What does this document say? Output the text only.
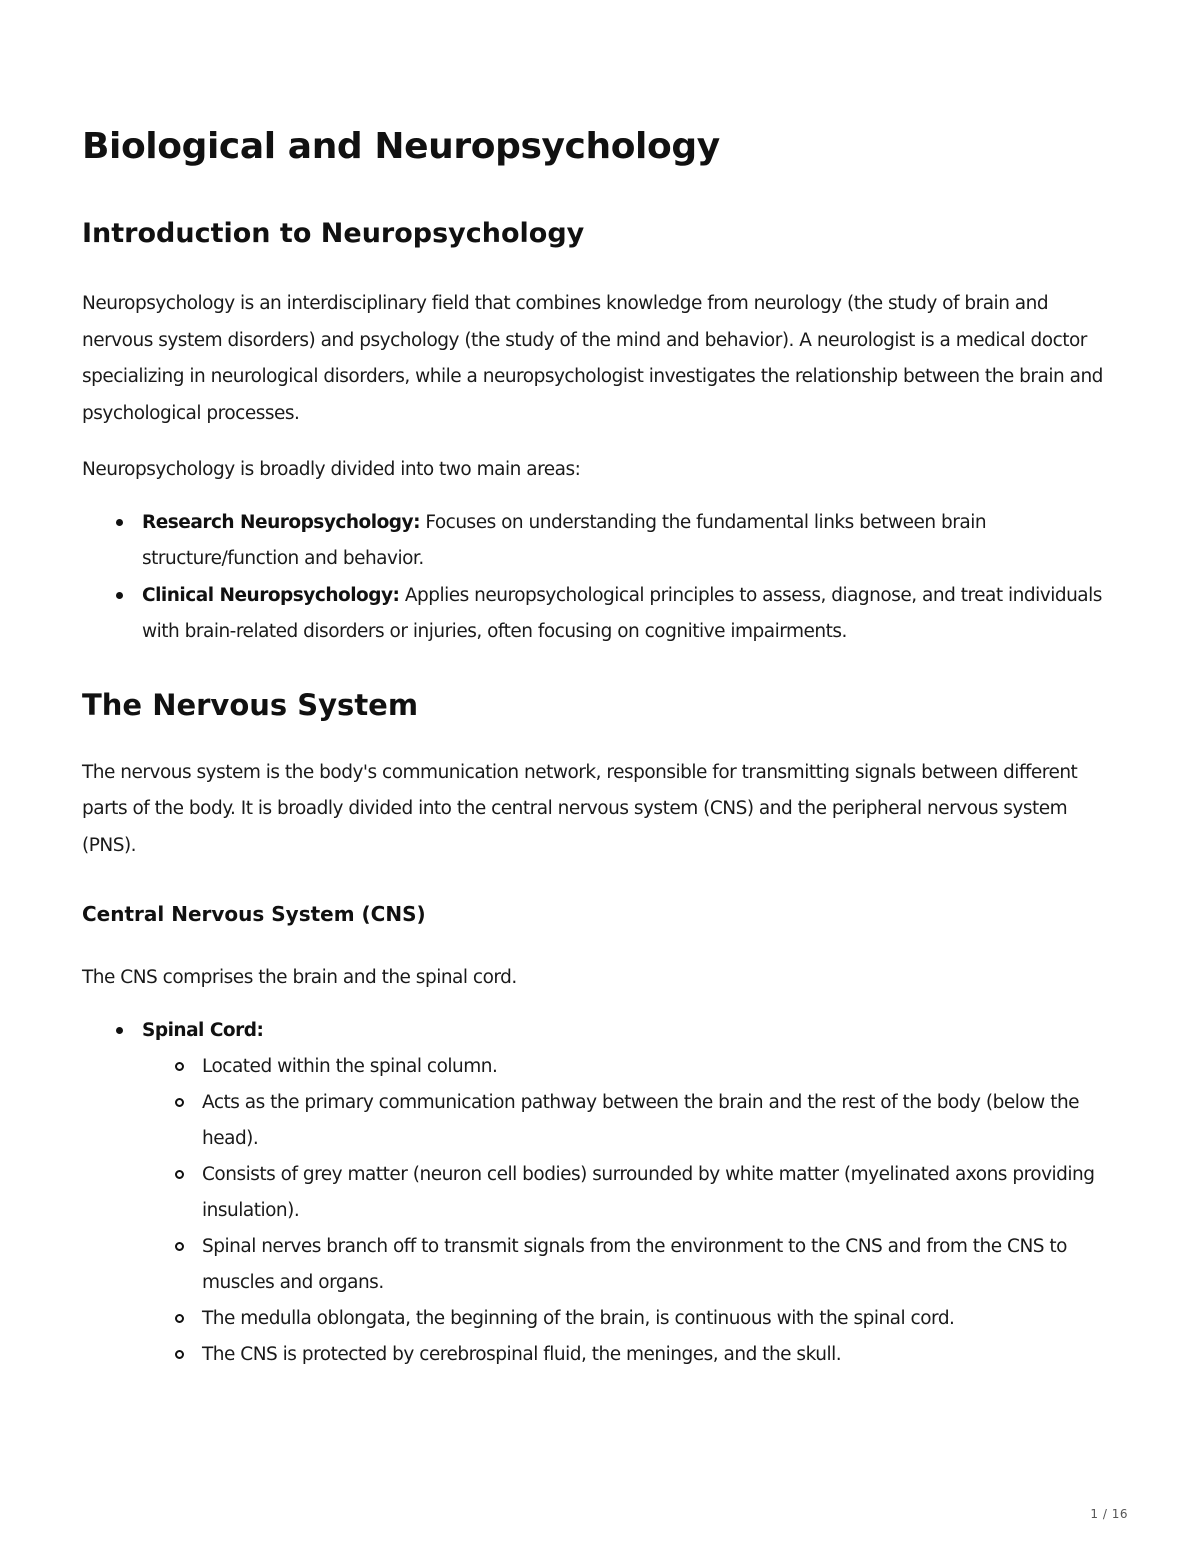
Biological and Neuropsychology
Introduction to Neuropsychology

Neuropsychology is an interdisciplinary field that combines knowledge from neurology (the study of brain and nervous system disorders) and psychology (the study of the mind and behavior). A neurologist is a medical doctor specializing in neurological disorders, while a neuropsychologist investigates the relationship between the brain and psychological processes.

Neuropsychology is broadly divided into two main areas:

Research Neuropsychology: Focuses on understanding the fundamental links between brain structure/function and behavior.
Clinical Neuropsychology: Applies neuropsychological principles to assess, diagnose, and treat individuals with brain-related disorders or injuries, often focusing on cognitive impairments.
The Nervous System

The nervous system is the body's communication network, responsible for transmitting signals between different parts of the body. It is broadly divided into the central nervous system (CNS) and the peripheral nervous system (PNS).

Central Nervous System (CNS)

The CNS comprises the brain and the spinal cord.

Spinal Cord:
Located within the spinal column.
Acts as the primary communication pathway between the brain and the rest of the body (below the head).
Consists of grey matter (neuron cell bodies) surrounded by white matter (myelinated axons providing insulation).
Spinal nerves branch off to transmit signals from the environment to the CNS and from the CNS to muscles and organs.
The medulla oblongata, the beginning of the brain, is continuous with the spinal cord.
The CNS is protected by cerebrospinal fluid, the meninges, and the skull.
1 / 16
